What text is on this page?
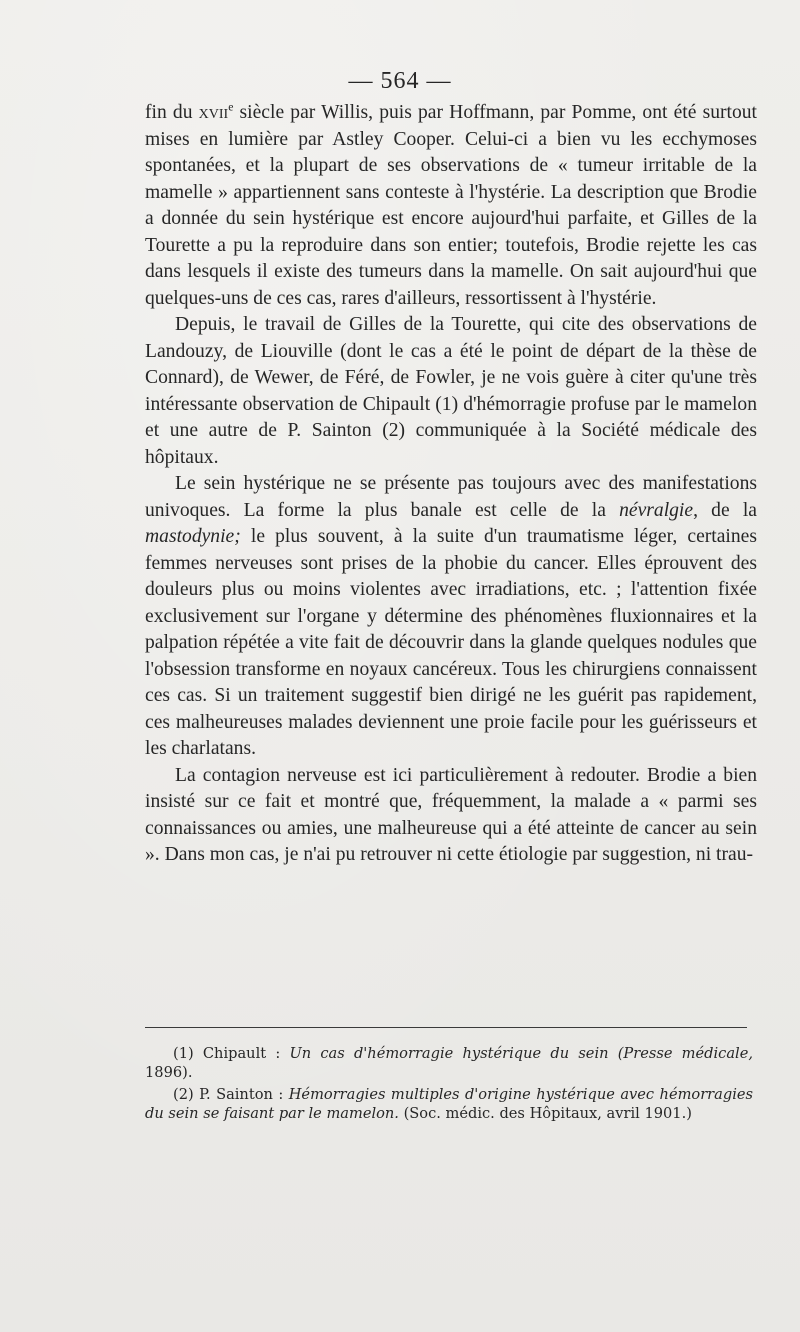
— 564 —

fin du xvii$^e$ siècle par Willis, puis par Hoffmann, par Pomme, ont été surtout mises en lumière par Astley Cooper. Celui-ci a bien vu les ecchymoses spontanées, et la plupart de ses observations de « tumeur irritable de la mamelle » appartiennent sans conteste à l'hystérie. La description que Brodie a donnée du sein hystérique est encore aujourd'hui parfaite, et Gilles de la Tourette a pu la reproduire dans son entier; toutefois, Brodie rejette les cas dans lesquels il existe des tumeurs dans la mamelle. On sait aujourd'hui que quelques-uns de ces cas, rares d'ailleurs, ressortissent à l'hystérie.

Depuis, le travail de Gilles de la Tourette, qui cite des observations de Landouzy, de Liouville (dont le cas a été le point de départ de la thèse de Connard), de Wewer, de Féré, de Fowler, je ne vois guère à citer qu'une très intéressante observation de Chipault (1) d'hémorragie profuse par le mamelon et une autre de P. Sainton (2) communiquée à la Société médicale des hôpitaux.

Le sein hystérique ne se présente pas toujours avec des manifestations univoques. La forme la plus banale est celle de la névralgie, de la mastodynie; le plus souvent, à la suite d'un traumatisme léger, certaines femmes nerveuses sont prises de la phobie du cancer. Elles éprouvent des douleurs plus ou moins violentes avec irradiations, etc. ; l'attention fixée exclusivement sur l'organe y détermine des phénomènes fluxionnaires et la palpation répétée a vite fait de découvrir dans la glande quelques nodules que l'obsession transforme en noyaux cancéreux. Tous les chirurgiens connaissent ces cas. Si un traitement suggestif bien dirigé ne les guérit pas rapidement, ces malheureuses malades deviennent une proie facile pour les guérisseurs et les charlatans.

La contagion nerveuse est ici particulièrement à redouter. Brodie a bien insisté sur ce fait et montré que, fréquemment, la malade a « parmi ses connaissances ou amies, une malheureuse qui a été atteinte de cancer au sein ». Dans mon cas, je n'ai pu retrouver ni cette étiologie par suggestion, ni trau-

(1) Chipault : Un cas d'hémorragie hystérique du sein (Presse médicale, 1896).

(2) P. Sainton : Hémorragies multiples d'origine hystérique avec hémorragies du sein se faisant par le mamelon. (Soc. médic. des Hôpitaux, avril 1901.)
